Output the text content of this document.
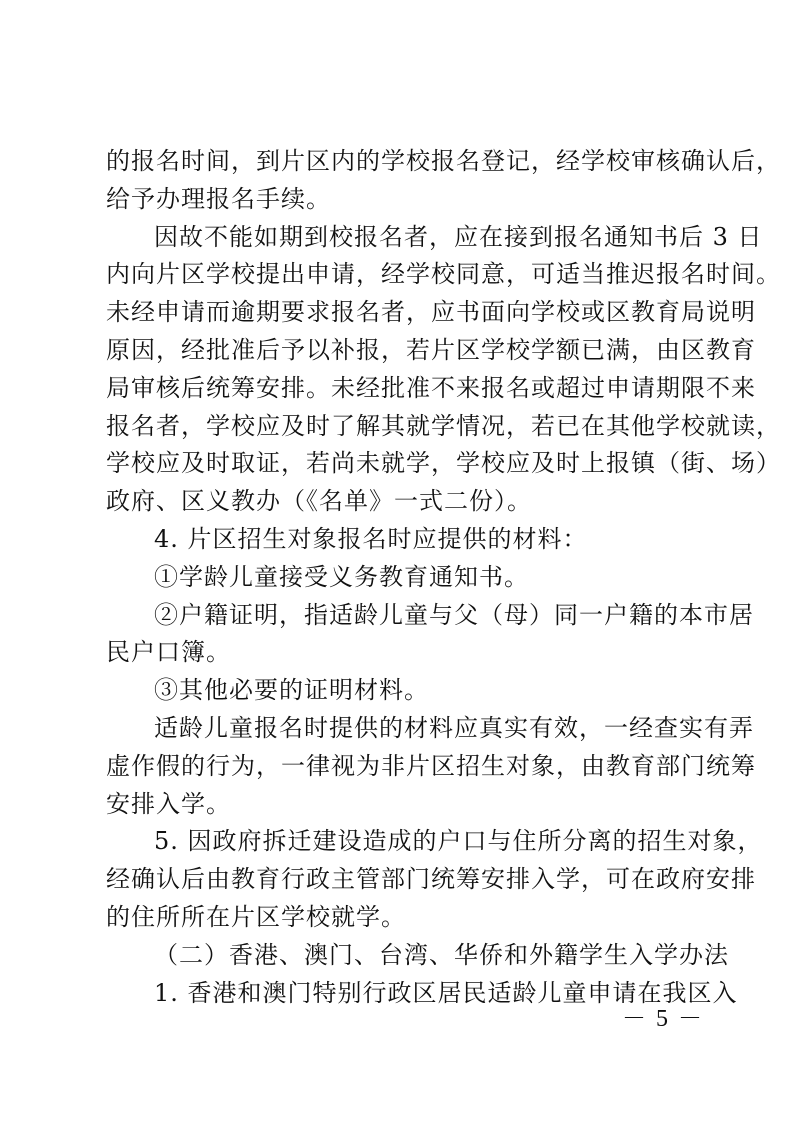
的报名时间，到片区内的学校报名登记，经学校审核确认后，
给予办理报名手续。
因故不能如期到校报名者，应在接到报名通知书后 3 日
内向片区学校提出申请，经学校同意，可适当推迟报名时间。
未经申请而逾期要求报名者，应书面向学校或区教育局说明
原因，经批准后予以补报，若片区学校学额已满，由区教育
局审核后统筹安排。未经批准不来报名或超过申请期限不来
报名者，学校应及时了解其就学情况，若已在其他学校就读，
学校应及时取证，若尚未就学，学校应及时上报镇（街、场）
政府、区义教办（《名单》一式二份）。
4. 片区招生对象报名时应提供的材料：
①学龄儿童接受义务教育通知书。
②户籍证明，指适龄儿童与父（母）同一户籍的本市居
民户口簿。
③其他必要的证明材料。
适龄儿童报名时提供的材料应真实有效，一经查实有弄
虚作假的行为，一律视为非片区招生对象，由教育部门统筹
安排入学。
5. 因政府拆迁建设造成的户口与住所分离的招生对象，
经确认后由教育行政主管部门统筹安排入学，可在政府安排
的住所所在片区学校就学。
（二）香港、澳门、台湾、华侨和外籍学生入学办法
1. 香港和澳门特别行政区居民适龄儿童申请在我区入
－ 5 －
